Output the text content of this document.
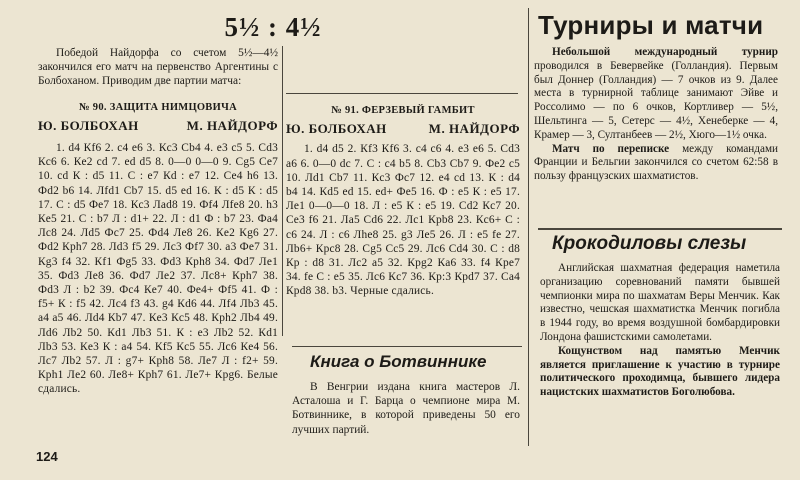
5½ : 4½

Победой Найдорфа со счетом 5½—4½ закончился его матч на первенство Аргентины с Болбоханом. Приводим две партии матча:

№ 90. ЗАЩИТА НИМЦОВИЧА
Ю. БОЛБОХАН	М. НАЙДОРФ

1. d4 Кf6 2. c4 e6 3. Кc3 Сb4 4. e3 c5 5. Сd3 Кc6 6. Кe2 cd 7. ed d5 8. 0—0 0—0 9. Сg5 Сe7 10. cd К : d5 11. С : e7 Кd : e7 12. Сe4 h6 13. Фd2 b6 14. Лfd1 Сb7 15. d5 ed 16. К : d5 К : d5 17. С : d5 Фe7 18. Кc3 Лad8 19. Фf4 Лfe8 20. h3 Кe5 21. С : b7 Л : d1+ 22. Л : d1 Ф : b7 23. Фa4 Лc8 24. Лd5 Фc7 25. Фd4 Лe8 26. Кe2 Кg6 27. Фd2 Крh7 28. Лd3 f5 29. Лc3 Фf7 30. a3 Фe7 31. Кg3 f4 32. Кf1 Фg5 33. Фd3 Крh8 34. Фd7 Лe1 35. Фd3 Лe8 36. Фd7 Лe2 37. Лc8+ Крh7 38. Фd3 Л : b2 39. Фc4 Кe7 40. Фe4+ Фf5 41. Ф : f5+ К : f5 42. Лc4 f3 43. g4 Кd6 44. Лf4 Лb3 45. a4 a5 46. Лd4 Кb7 47. Кe3 Кc5 48. Крh2 Лb4 49. Лd6 Лb2 50. Кd1 Лb3 51. К : e3 Лb2 52. Кd1 Лb3 53. Кe3 К : a4 54. Кf5 Кc5 55. Лc6 Кe4 56. Лc7 Лb2 57. Л : g7+ Крh8 58. Лe7 Л : f2+ 59. Крh1 Лe2 60. Лe8+ Крh7 61. Лe7+ Крg6. Белые сдались.

№ 91. ФЕРЗЕВЫЙ ГАМБИТ
Ю. БОЛБОХАН	М. НАЙДОРФ

1. d4 d5 2. Кf3 Кf6 3. c4 c6 4. e3 e6 5. Сd3 a6 6. 0—0 dc 7. С : c4 b5 8. Сb3 Сb7 9. Фe2 c5 10. Лd1 Сb7 11. Кc3 Фc7 12. e4 cd 13. К : d4 b4 14. Кd5 ed 15. ed+ Фe5 16. Ф : e5 К : e5 17. Лe1 0—0—0 18. Л : e5 К : e5 19. Сd2 Кc7 20. Сe3 f6 21. Лa5 Сd6 22. Лc1 Крb8 23. Кc6+ С : c6 24. Л : c6 Лhe8 25. g3 Лe5 26. Л : e5 fe 27. Лb6+ Крc8 28. Сg5 Сc5 29. Лc6 Сd4 30. С : d8 Кр : d8 31. Лc2 a5 32. Крg2 Кa6 33. f4 Крe7 34. fe С : e5 35. Лc6 Кc7 36. Кр:3 Крd7 37. Сa4 Крd8 38. b3. Черные сдались.

Книга о Ботвиннике

В Венгрии издана книга мастеров Л. Асталоша и Г. Барца о чемпионе мира М. Ботвиннике, в которой приведены 50 его лучших партий.

Турниры и матчи

Небольшой международный турнир проводился в Бевервейке (Голландия). Первым был Доннер (Голландия) — 7 очков из 9. Далее места в турнирной таблице занимают Эйве и Россолимо — по 6 очков, Кортливер — 5½, Шельтинга — 5, Сетерс — 4½, Хенеберке — 4, Крамер — 3, Султанбеев — 2½, Хюго—1½ очка.

Матч по переписке между командами Франции и Бельгии закончился со счетом 62:58 в пользу французских шахматистов.

Крокодиловы слезы

Английская шахматная федерация наметила организацию соревнований памяти бывшей чемпионки мира по шахматам Веры Менчик. Как известно, чешская шахматистка Менчик погибла в 1944 году, во время воздушной бомбардировки Лондона фашистскими самолетами.

Кощунством над памятью Менчик является приглашение к участию в турнире политического проходимца, бывшего лидера нацистских шахматистов Боголюбова.

124
